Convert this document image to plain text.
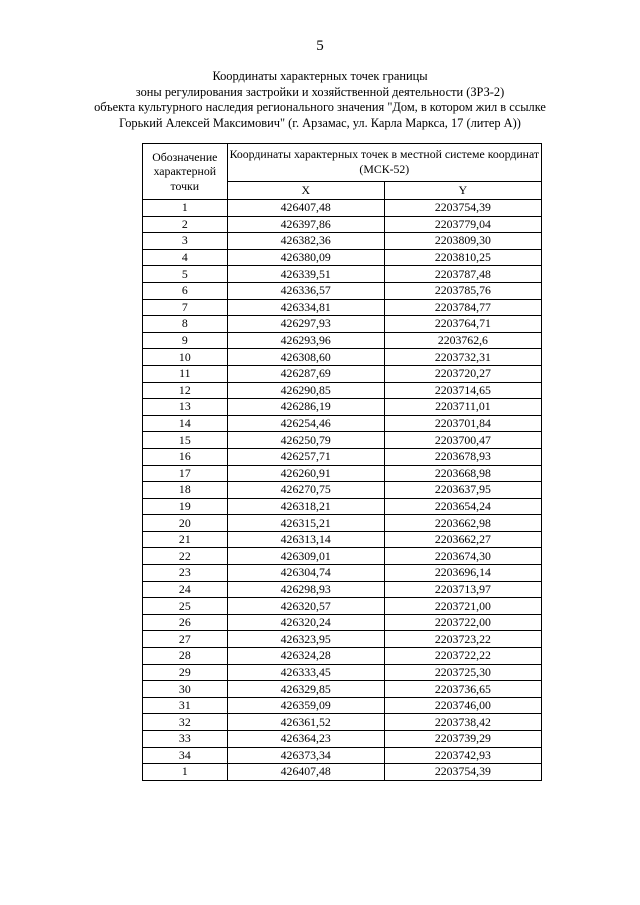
5
Координаты характерных точек границы
зоны регулирования застройки и хозяйственной деятельности (ЗРЗ-2)
объекта культурного наследия регионального значения "Дом, в котором жил в ссылке
Горький Алексей Максимович" (г. Арзамас, ул. Карла Маркса, 17 (литер А))
Обозначение характерной точки	Координаты характерных точек в местной системе координат (МСК-52)	
	X	Y
1	426407,48	2203754,39
2	426397,86	2203779,04
3	426382,36	2203809,30
4	426380,09	2203810,25
5	426339,51	2203787,48
6	426336,57	2203785,76
7	426334,81	2203784,77
8	426297,93	2203764,71
9	426293,96	2203762,6
10	426308,60	2203732,31
11	426287,69	2203720,27
12	426290,85	2203714,65
13	426286,19	2203711,01
14	426254,46	2203701,84
15	426250,79	2203700,47
16	426257,71	2203678,93
17	426260,91	2203668,98
18	426270,75	2203637,95
19	426318,21	2203654,24
20	426315,21	2203662,98
21	426313,14	2203662,27
22	426309,01	2203674,30
23	426304,74	2203696,14
24	426298,93	2203713,97
25	426320,57	2203721,00
26	426320,24	2203722,00
27	426323,95	2203723,22
28	426324,28	2203722,22
29	426333,45	2203725,30
30	426329,85	2203736,65
31	426359,09	2203746,00
32	426361,52	2203738,42
33	426364,23	2203739,29
34	426373,34	2203742,93
1	426407,48	2203754,39
